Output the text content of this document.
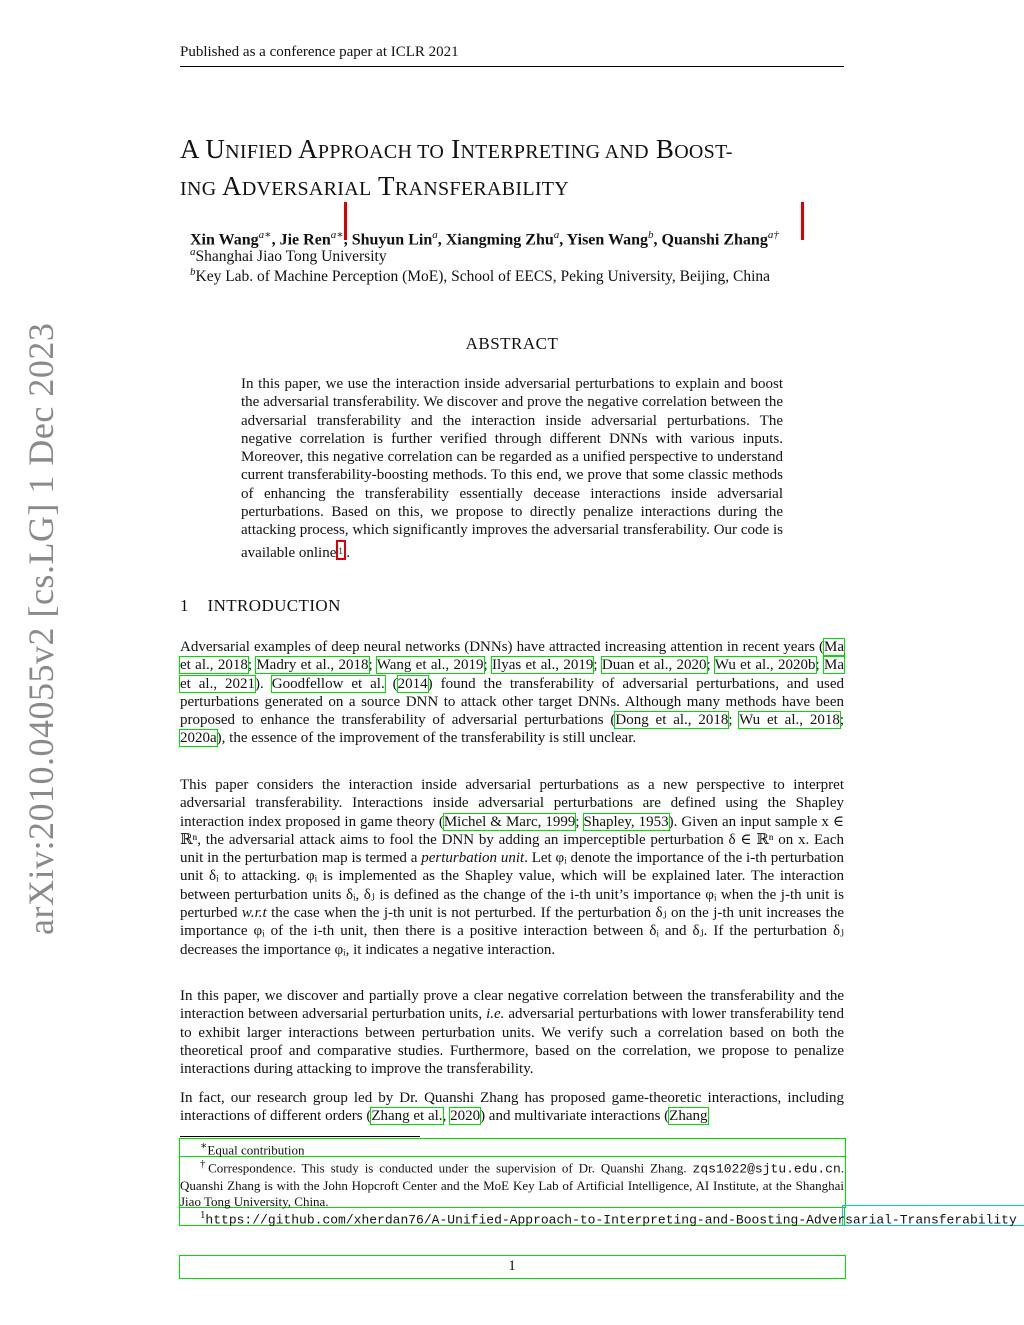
Published as a conference paper at ICLR 2021
arXiv:2010.04055v2 [cs.LG] 1 Dec 2023
A UNIFIED APPROACH TO INTERPRETING AND BOOST-
ING ADVERSARIAL TRANSFERABILITY
Xin Wang$^{a∗}$, Jie Ren$^{a∗}$, Shuyun Lin$^a$, Xiangming Zhu$^a$, Yisen Wang$^b$, Quanshi Zhang$^{a\dagger}$
$^a$Shanghai Jiao Tong University
$^b$Key Lab. of Machine Perception (MoE), School of EECS, Peking University, Beijing, China
ABSTRACT
In this paper, we use the interaction inside adversarial perturbations to explain and boost the adversarial transferability. We discover and prove the negative correlation between the adversarial transferability and the interaction inside adversarial perturbations. The negative correlation is further verified through different DNNs with various inputs. Moreover, this negative correlation can be regarded as a unified perspective to understand current transferability-boosting methods. To this end, we prove that some classic methods of enhancing the transferability essentially decease interactions inside adversarial perturbations. Based on this, we propose to directly penalize interactions during the attacking process, which significantly improves the adversarial transferability. Our code is available online $^1$ .
1 INTRODUCTION
Adversarial examples of deep neural networks (DNNs) have attracted increasing attention in recent years (Ma et al., 2018; Madry et al., 2018; Wang et al., 2019; Ilyas et al., 2019; Duan et al., 2020; Wu et al., 2020b; Ma et al., 2021). Goodfellow et al. (2014) found the transferability of adversarial perturbations, and used perturbations generated on a source DNN to attack other target DNNs. Although many methods have been proposed to enhance the transferability of adversarial perturbations (Dong et al., 2018; Wu et al., 2018; 2020a), the essence of the improvement of the transferability is still unclear.
This paper considers the interaction inside adversarial perturbations as a new perspective to interpret adversarial transferability. Interactions inside adversarial perturbations are defined using the Shapley interaction index proposed in game theory (Michel & Marc, 1999; Shapley, 1953). Given an input sample x ∈ ℝⁿ, the adversarial attack aims to fool the DNN by adding an imperceptible perturbation δ ∈ ℝⁿ on x. Each unit in the perturbation map is termed a perturbation unit. Let φᵢ denote the importance of the i-th perturbation unit δᵢ to attacking. φᵢ is implemented as the Shapley value, which will be explained later. The interaction between perturbation units δᵢ, δⱼ is defined as the change of the i-th unit’s importance φᵢ when the j-th unit is perturbed w.r.t the case when the j-th unit is not perturbed. If the perturbation δⱼ on the j-th unit increases the importance φᵢ of the i-th unit, then there is a positive interaction between δᵢ and δⱼ. If the perturbation δⱼ decreases the importance φᵢ, it indicates a negative interaction.
In this paper, we discover and partially prove a clear negative correlation between the transferability and the interaction between adversarial perturbation units, i.e. adversarial perturbations with lower transferability tend to exhibit larger interactions between perturbation units. We verify such a correlation based on both the theoretical proof and comparative studies. Furthermore, based on the correlation, we propose to penalize interactions during attacking to improve the transferability.
In fact, our research group led by Dr. Quanshi Zhang has proposed game-theoretic interactions, including interactions of different orders (Zhang et al., 2020) and multivariate interactions (Zhang
∗Equal contribution
†Correspondence. This study is conducted under the supervision of Dr. Quanshi Zhang. zqs1022@sjtu.edu.cn. Quanshi Zhang is with the John Hopcroft Center and the MoE Key Lab of Artificial Intelligence, AI Institute, at the Shanghai Jiao Tong University, China.
$^1$https://github.com/xherdan76/A-Unified-Approach-to-Interpreting-and-Boosting-Adversarial-Transferability
1
